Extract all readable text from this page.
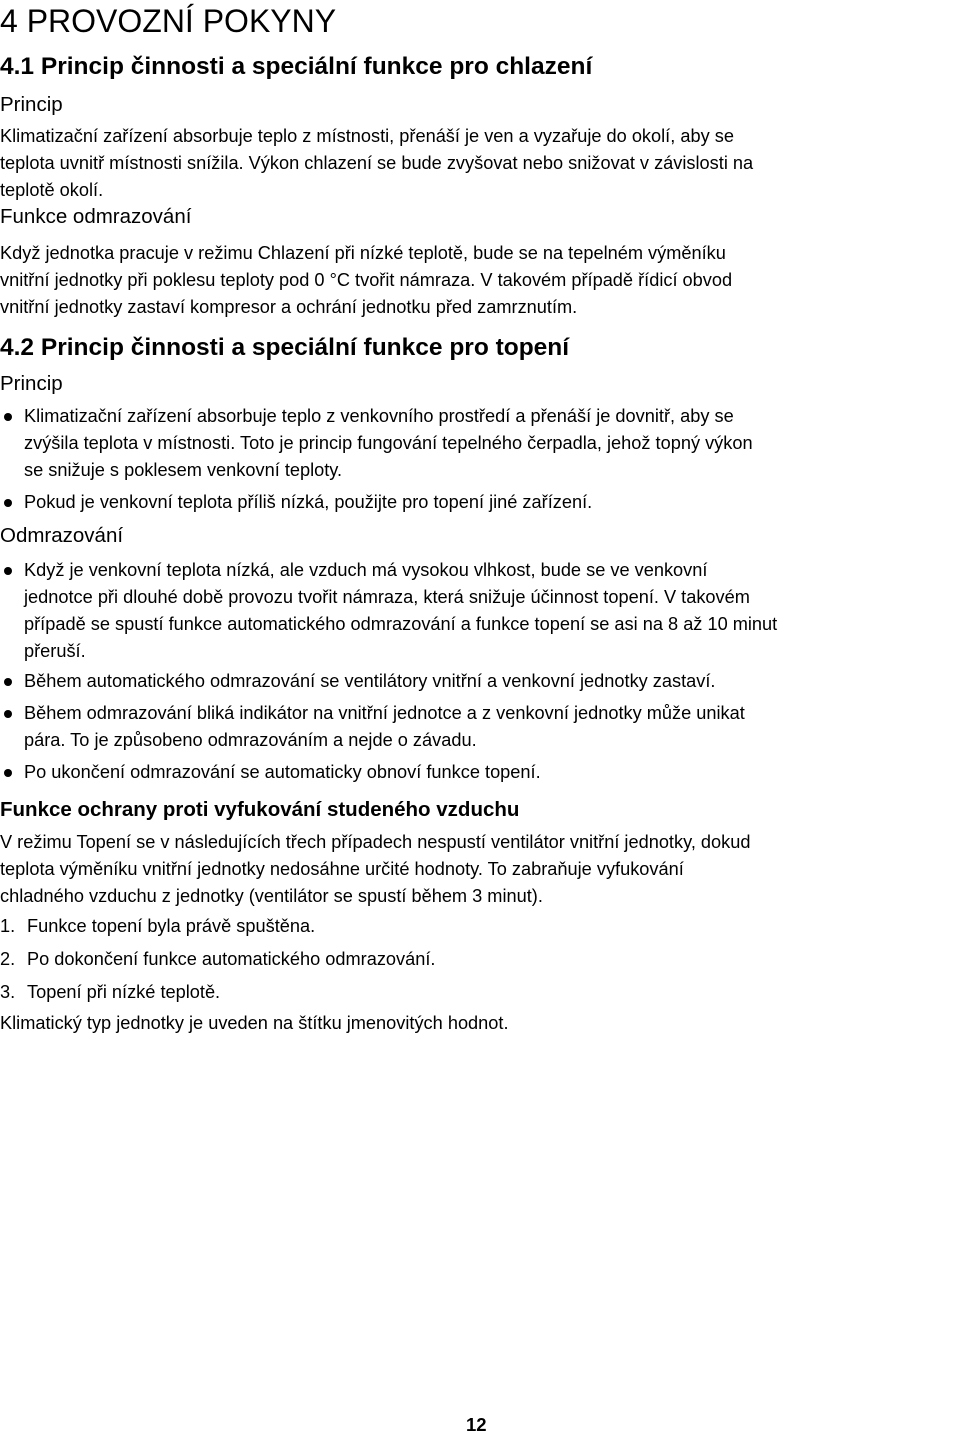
4 PROVOZNÍ POKYNY
4.1 Princip činnosti a speciální funkce pro chlazení
Princip
Klimatizační zařízení absorbuje teplo z místnosti, přenáší je ven a vyzařuje do okolí, aby se
teplota uvnitř místnosti snížila. Výkon chlazení se bude zvyšovat nebo snižovat v závislosti na
teplotě okolí.
Funkce odmrazování
Když jednotka pracuje v režimu Chlazení při nízké teplotě, bude se na tepelném výměníku
vnitřní jednotky při poklesu teploty pod 0 °C tvořit námraza. V takovém případě řídicí obvod
vnitřní jednotky zastaví kompresor a ochrání jednotku před zamrznutím.
4.2 Princip činnosti a speciální funkce pro topení
Princip
Klimatizační zařízení absorbuje teplo z venkovního prostředí a přenáší je dovnitř, aby se
zvýšila teplota v místnosti. Toto je princip fungování tepelného čerpadla, jehož topný výkon
se snižuje s poklesem venkovní teploty.
Pokud je venkovní teplota příliš nízká, použijte pro topení jiné zařízení.
Odmrazování
Když je venkovní teplota nízká, ale vzduch má vysokou vlhkost, bude se ve venkovní
jednotce při dlouhé době provozu tvořit námraza, která snižuje účinnost topení. V takovém
případě se spustí funkce automatického odmrazování a funkce topení se asi na 8 až 10 minut
přeruší.
Během automatického odmrazování se ventilátory vnitřní a venkovní jednotky zastaví.
Během odmrazování bliká indikátor na vnitřní jednotce a z venkovní jednotky může unikat
pára. To je způsobeno odmrazováním a nejde o závadu.
Po ukončení odmrazování se automaticky obnoví funkce topení.
Funkce ochrany proti vyfukování studeného vzduchu
V režimu Topení se v následujících třech případech nespustí ventilátor vnitřní jednotky, dokud
teplota výměníku vnitřní jednotky nedosáhne určité hodnoty. To zabraňuje vyfukování
chladného vzduchu z jednotky (ventilátor se spustí během 3 minut).
1. Funkce topení byla právě spuštěna.
2. Po dokončení funkce automatického odmrazování.
3. Topení při nízké teplotě.
Klimatický typ jednotky je uveden na štítku jmenovitých hodnot.
12
